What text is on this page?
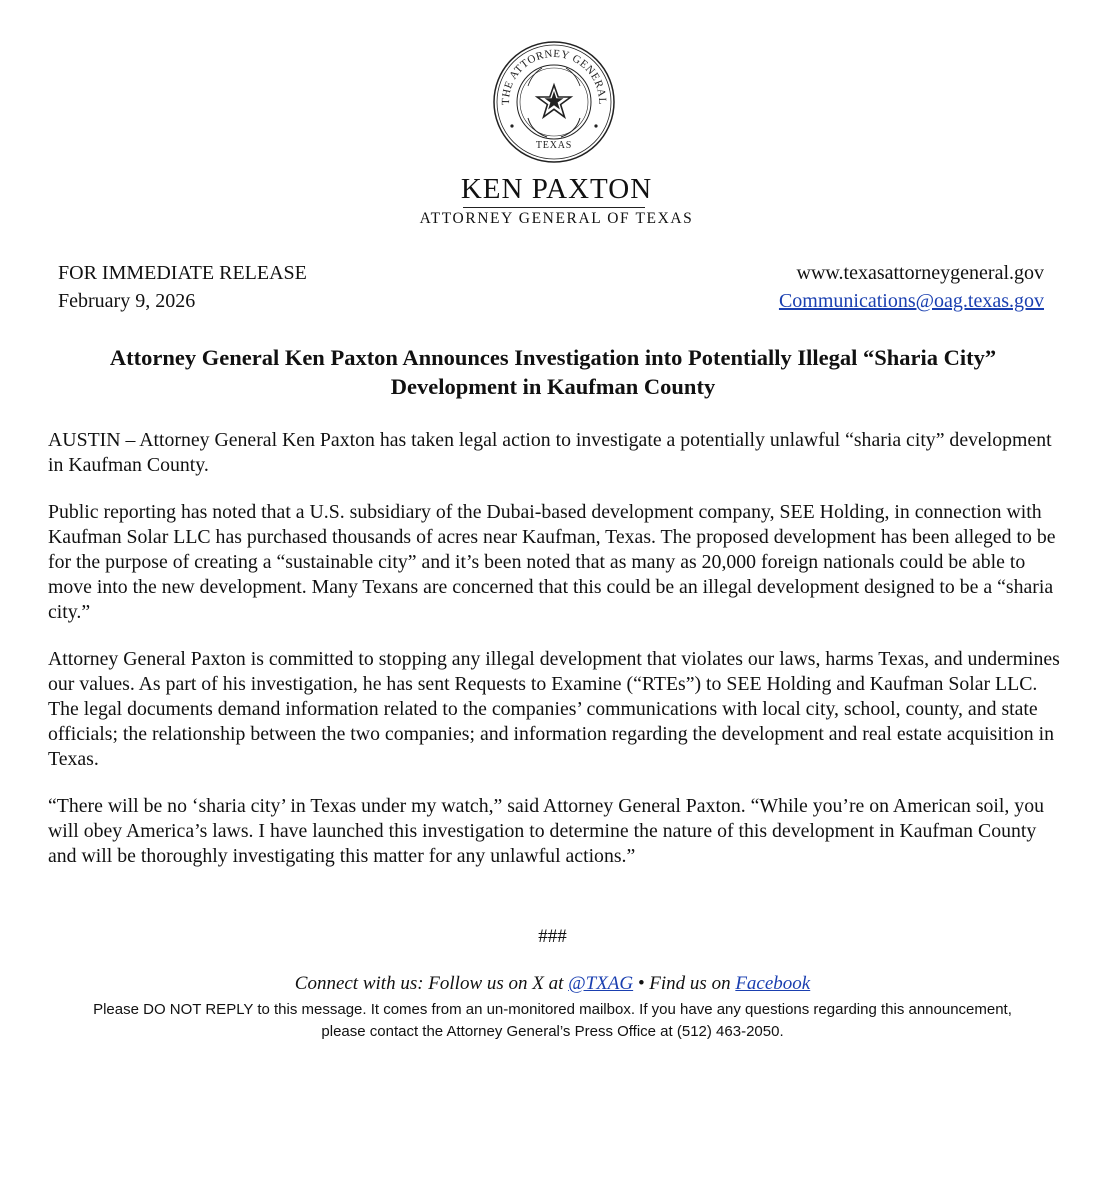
THE ATTORNEY GENERAL
TEXAS
KEN PAXTON
ATTORNEY GENERAL OF TEXAS
FOR IMMEDIATE RELEASE
February 9, 2026
www.texasattorneygeneral.gov
Communications@oag.texas.gov
Attorney General Ken Paxton Announces Investigation into Potentially Illegal “Sharia City” Development in Kaufman County

AUSTIN – Attorney General Ken Paxton has taken legal action to investigate a potentially unlawful “sharia city” development in Kaufman County.

Public reporting has noted that a U.S. subsidiary of the Dubai-based development company, SEE Holding, in connection with Kaufman Solar LLC has purchased thousands of acres near Kaufman, Texas. The proposed development has been alleged to be for the purpose of creating a “sustainable city” and it’s been noted that as many as 20,000 foreign nationals could be able to move into the new development. Many Texans are concerned that this could be an illegal development designed to be a “sharia city.”

Attorney General Paxton is committed to stopping any illegal development that violates our laws, harms Texas, and undermines our values. As part of his investigation, he has sent Requests to Examine (“RTEs”) to SEE Holding and Kaufman Solar LLC. The legal documents demand information related to the companies’ communications with local city, school, county, and state officials; the relationship between the two companies; and information regarding the development and real estate acquisition in Texas.

“There will be no ‘sharia city’ in Texas under my watch,” said Attorney General Paxton. “While you’re on American soil, you will obey America’s laws. I have launched this investigation to determine the nature of this development in Kaufman County and will be thoroughly investigating this matter for any unlawful actions.”

###

Connect with us: Follow us on X at @TXAG • Find us on Facebook

Please DO NOT REPLY to this message. It comes from an un-monitored mailbox. If you have any questions regarding this announcement, please contact the Attorney General’s Press Office at (512) 463-2050.
